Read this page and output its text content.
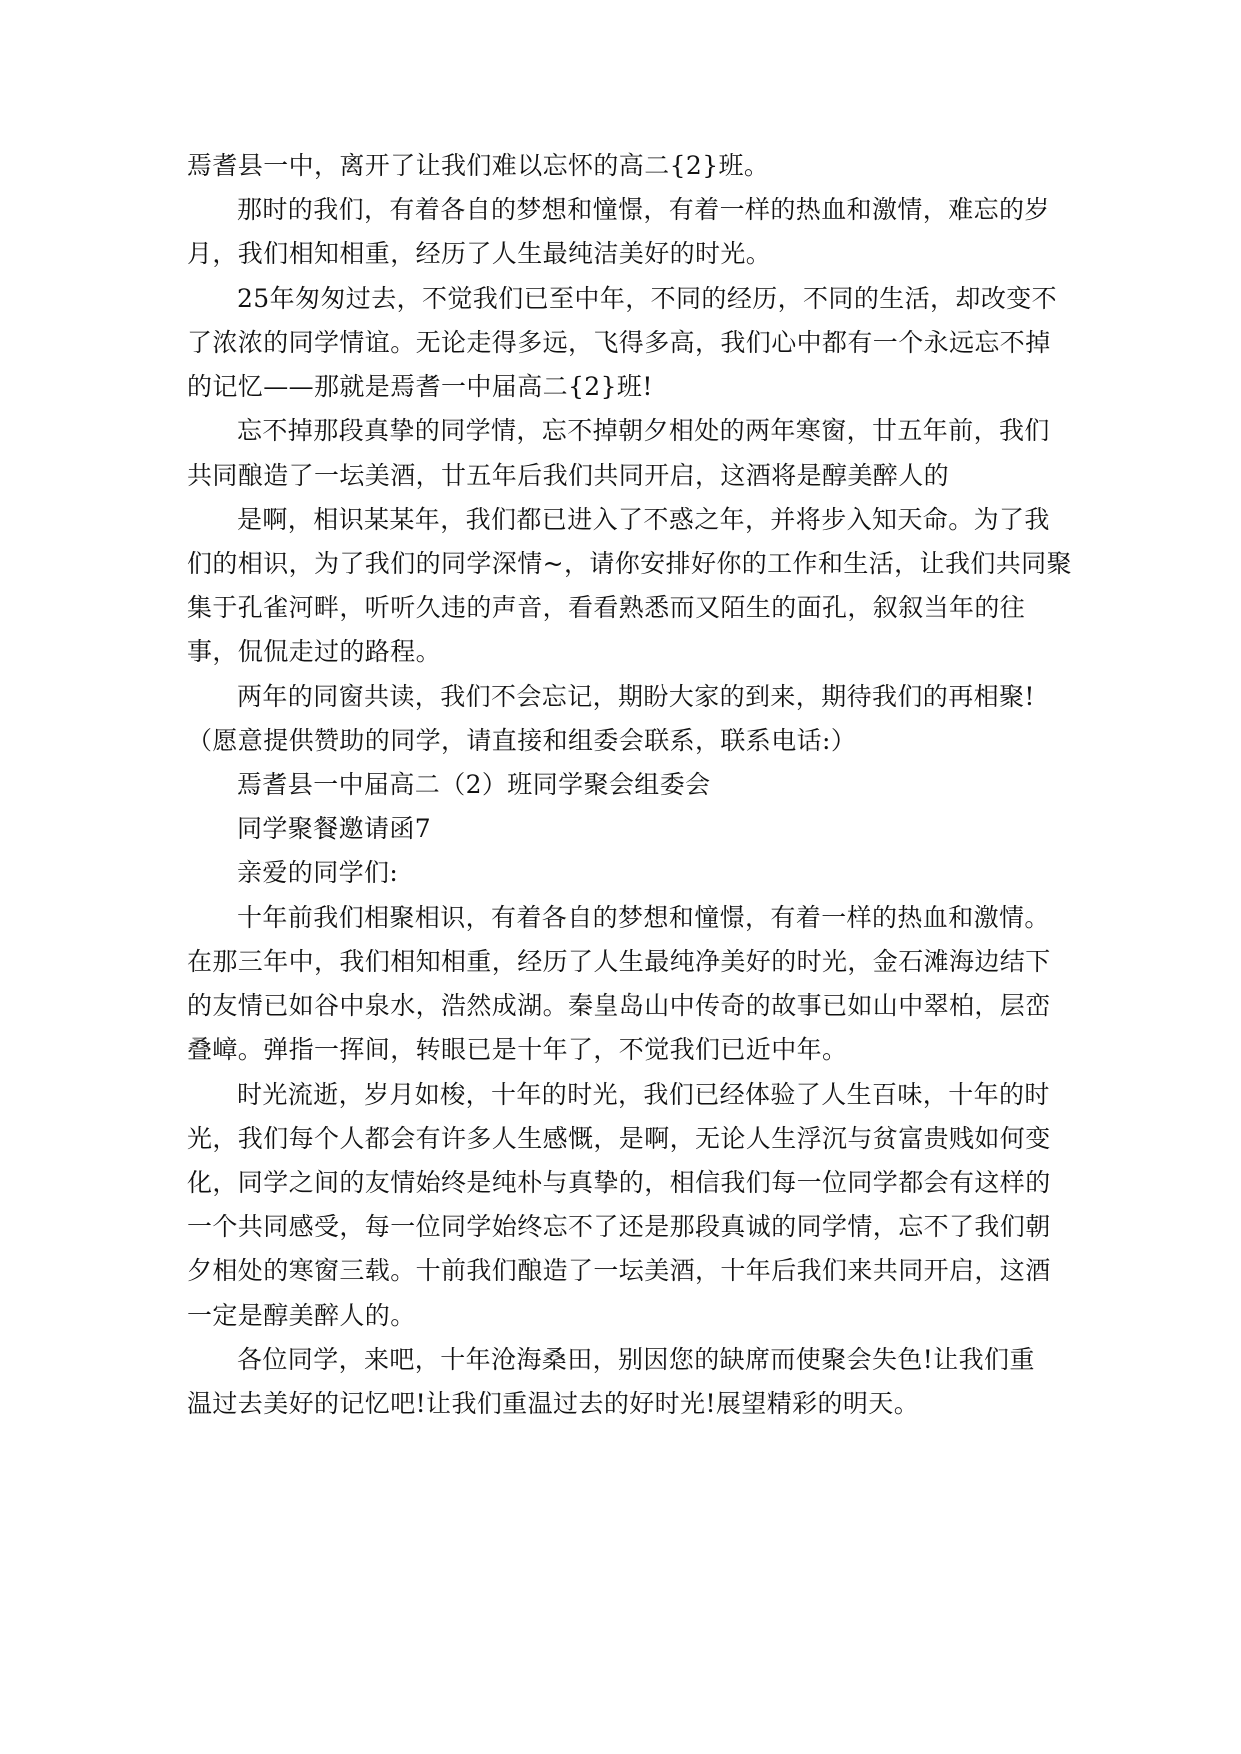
焉耆县一中，离开了让我们难以忘怀的高二{2}班。
那时的我们，有着各自的梦想和憧憬，有着一样的热血和激情，难忘的岁
月，我们相知相重，经历了人生最纯洁美好的时光。
25年匆匆过去，不觉我们已至中年，不同的经历，不同的生活，却改变不
了浓浓的同学情谊。无论走得多远，飞得多高，我们心中都有一个永远忘不掉
的记忆——那就是焉耆一中届高二{2}班!
忘不掉那段真挚的同学情，忘不掉朝夕相处的两年寒窗，廿五年前，我们
共同酿造了一坛美酒，廿五年后我们共同开启，这酒将是醇美醉人的
是啊，相识某某年，我们都已进入了不惑之年，并将步入知天命。为了我
们的相识，为了我们的同学深情~，请你安排好你的工作和生活，让我们共同聚
集于孔雀河畔，听听久违的声音，看看熟悉而又陌生的面孔，叙叙当年的往
事，侃侃走过的路程。
两年的同窗共读，我们不会忘记，期盼大家的到来，期待我们的再相聚!
（愿意提供赞助的同学，请直接和组委会联系，联系电话:）
焉耆县一中届高二（2）班同学聚会组委会
同学聚餐邀请函7
亲爱的同学们:
十年前我们相聚相识，有着各自的梦想和憧憬，有着一样的热血和激情。
在那三年中，我们相知相重，经历了人生最纯净美好的时光，金石滩海边结下
的友情已如谷中泉水，浩然成湖。秦皇岛山中传奇的故事已如山中翠柏，层峦
叠嶂。弹指一挥间，转眼已是十年了，不觉我们已近中年。
时光流逝，岁月如梭，十年的时光，我们已经体验了人生百味，十年的时
光，我们每个人都会有许多人生感慨，是啊，无论人生浮沉与贫富贵贱如何变
化，同学之间的友情始终是纯朴与真挚的，相信我们每一位同学都会有这样的
一个共同感受，每一位同学始终忘不了还是那段真诚的同学情，忘不了我们朝
夕相处的寒窗三载。十前我们酿造了一坛美酒，十年后我们来共同开启，这酒
一定是醇美醉人的。
各位同学，来吧，十年沧海桑田，别因您的缺席而使聚会失色!让我们重
温过去美好的记忆吧!让我们重温过去的好时光!展望精彩的明天。
